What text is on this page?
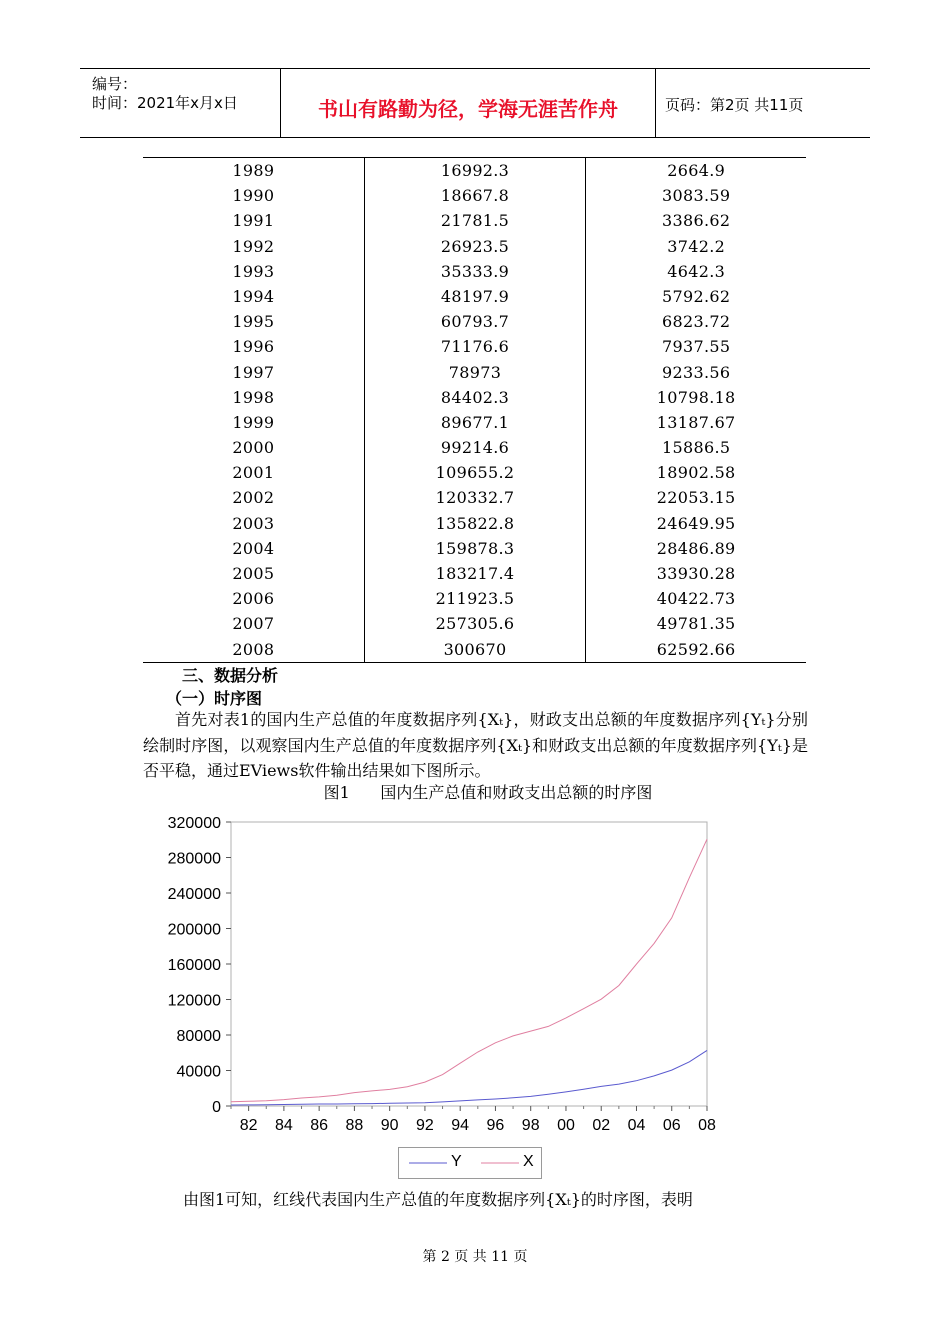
编号：
时间：2021年x月x日	书山有路勤为径，学海无涯苦作舟	页码：第2页 共11页
1989	16992.3	2664.9
1990	18667.8	3083.59
1991	21781.5	3386.62
1992	26923.5	3742.2
1993	35333.9	4642.3
1994	48197.9	5792.62
1995	60793.7	6823.72
1996	71176.6	7937.55
1997	78973	9233.56
1998	84402.3	10798.18
1999	89677.1	13187.67
2000	99214.6	15886.5
2001	109655.2	18902.58
2002	120332.7	22053.15
2003	135822.8	24649.95
2004	159878.3	28486.89
2005	183217.4	33930.28
2006	211923.5	40422.73
2007	257305.6	49781.35
2008	300670	62592.66
三、数据分析
（一）时序图
首先对表1的国内生产总值的年度数据序列{Xₜ}，财政支出总额的年度数据序列{Yₜ}分别绘制时序图，以观察国内生产总值的年度数据序列{Xₜ}和财政支出总额的年度数据序列{Yₜ}是否平稳，通过EViews软件输出结果如下图所示。
图1      国内生产总值和财政支出总额的时序图
0
40000
80000
120000
160000
200000
240000
280000
320000
82 84 86 88 90 92 94 96 98 00 02 04 06 08
Y	X
由图1可知，红线代表国内生产总值的年度数据序列{Xₜ}的时序图，表明
第 2 页 共 11 页
